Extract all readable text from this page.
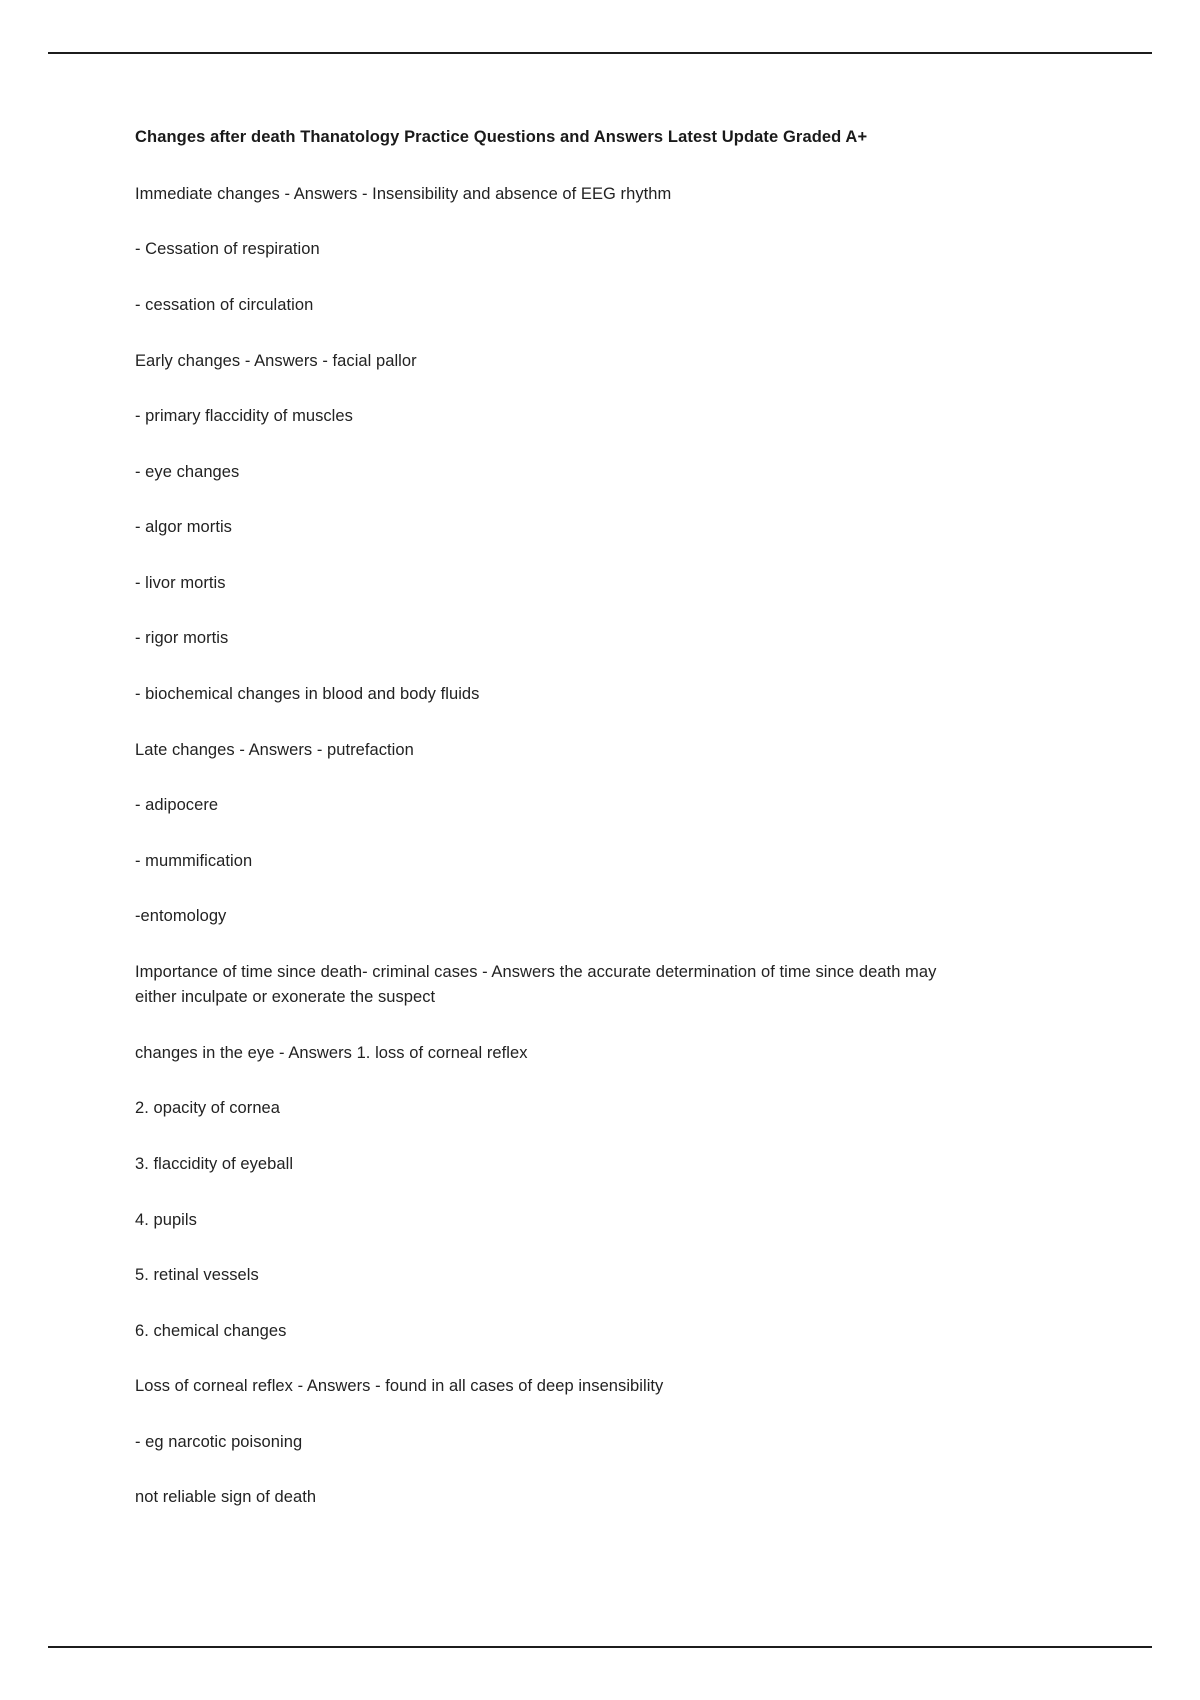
Changes after death Thanatology Practice Questions and Answers Latest Update Graded A+

Immediate changes - Answers - Insensibility and absence of EEG rhythm

- Cessation of respiration

- cessation of circulation

Early changes - Answers - facial pallor

- primary flaccidity of muscles

- eye changes

- algor mortis

- livor mortis

- rigor mortis

- biochemical changes in blood and body fluids

Late changes - Answers - putrefaction

- adipocere

- mummification

-entomology

Importance of time since death- criminal cases - Answers the accurate determination of time since death may either inculpate or exonerate the suspect

changes in the eye - Answers 1. loss of corneal reflex

2. opacity of cornea

3. flaccidity of eyeball

4. pupils

5. retinal vessels

6. chemical changes

Loss of corneal reflex - Answers - found in all cases of deep insensibility

- eg narcotic poisoning

not reliable sign of death
